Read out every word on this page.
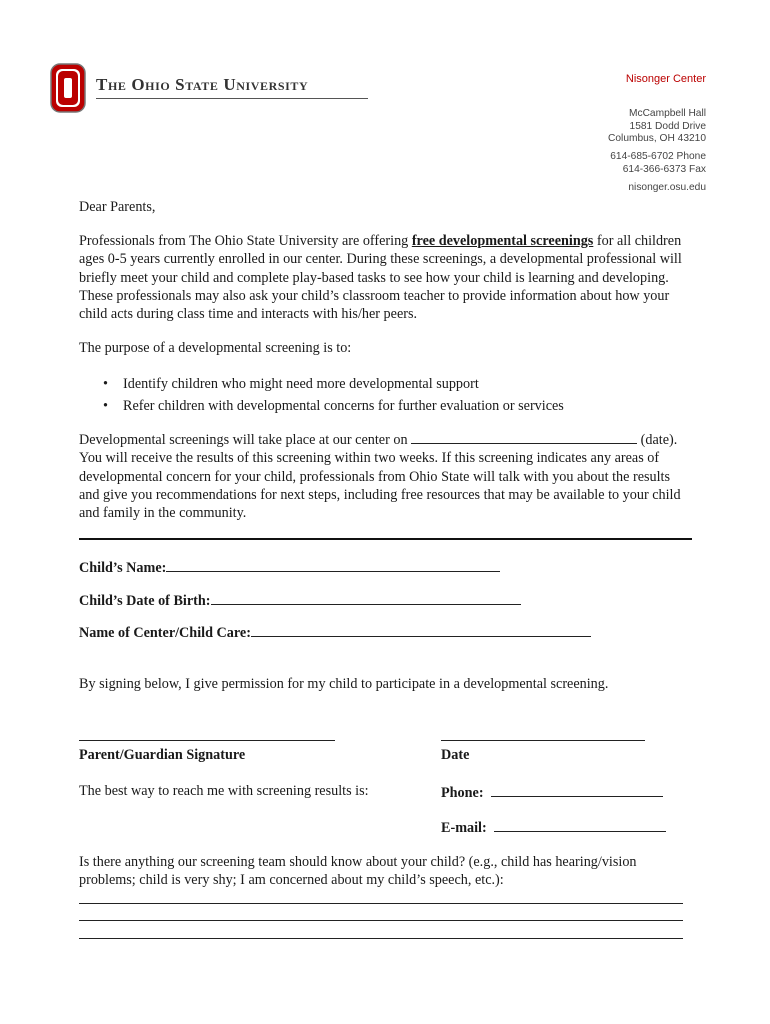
The Ohio State University	Nisonger Center
McCampbell Hall
1581 Dodd Drive
Columbus, OH 43210
614-685-6702 Phone
614-366-6373 Fax
nisonger.osu.edu
Dear Parents,
Professionals from The Ohio State University are offering free developmental screenings for all children ages 0-5 years currently enrolled in our center. During these screenings, a developmental professional will briefly meet your child and complete play-based tasks to see how your child is learning and developing. These professionals may also ask your child’s classroom teacher to provide information about how your child acts during class time and interacts with his/her peers.
The purpose of a developmental screening is to:
• Identify children who might need more developmental support
• Refer children with developmental concerns for further evaluation or services
Developmental screenings will take place at our center on	(date). You will receive the results of this screening within two weeks. If this screening indicates any areas of developmental concern for your child, professionals from Ohio State will talk with you about the results and give you recommendations for next steps, including free resources that may be available to your child and family in the community.
Child’s Name:
Child’s Date of Birth:
Name of Center/Child Care:
By signing below, I give permission for my child to participate in a developmental screening.
Parent/Guardian Signature	Date
The best way to reach me with screening results is:	Phone:
E-mail:
Is there anything our screening team should know about your child? (e.g., child has hearing/vision problems; child is very shy; I am concerned about my child’s speech, etc.):
